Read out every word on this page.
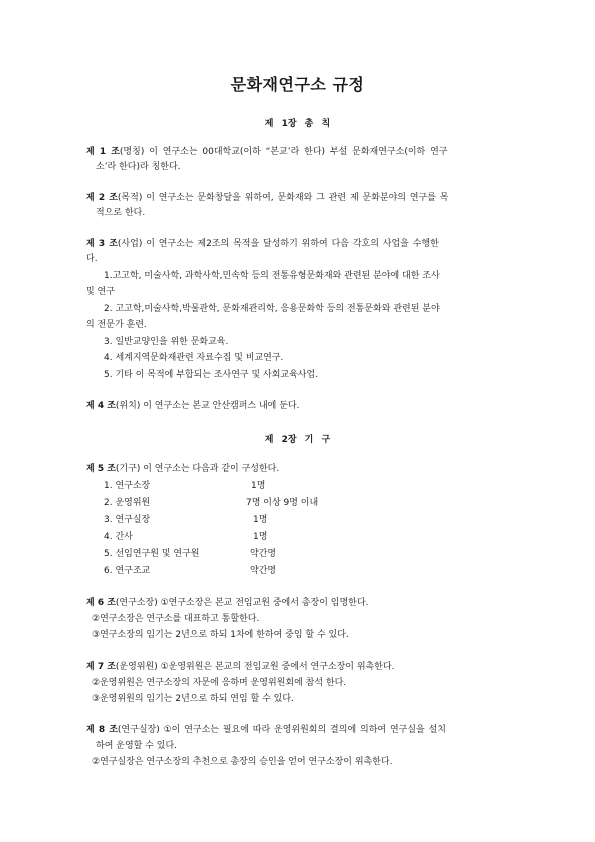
문화재연구소 규정
제 1장 총 칙
제 1 조(명칭) 이 연구소는 00대학교(이하 “본교’라 한다) 부설 문화재연구소(이하 연구
소’라 한다)라 칭한다.
제 2 조(목적) 이 연구소는 문화창달을 위하여, 문화재와 그 관련 제 문화분야의 연구를 목
적으로 한다.
제 3 조(사업) 이 연구소는 제2조의 목적을 달성하기 위하여 다음 각호의 사업을 수행한
다.
1.고고학, 미술사학, 과학사학,민속학 등의 전통유형문화재와 관련된 분야에 대한 조사
및 연구
2. 고고학,미술사학,박물관학, 문화재관리학, 응용문화학 등의 전통문화와 관련된 분야
의 전문가 훈련.
3. 일반교양인을 위한 문화교육.
4. 세계지역문화재관련 자료수집 및 비교연구.
5. 기타 이 목적에 부합되는 조사연구 및 사회교육사업.
제 4 조(위치) 이 연구소는 본교 안산캠퍼스 내에 둔다.
제 2장 기 구
제 5 조(기구) 이 연구소는 다음과 같이 구성한다.
1. 연구소장	1명
2. 운영위원	7명 이상 9명 이내
3. 연구실장	1명
4. 간사	1명
5. 선임연구원 및 연구원	약간명
6. 연구조교	약간명
제 6 조(연구소장) ①연구소장은 본교 전임교원 중에서 총장이 임명한다.
②연구소장은 연구소를 대표하고 통할한다.
③연구소장의 임기는 2년으로 하되 1차에 한하여 중임 할 수 있다.
제 7 조(운영위원) ①운영위원은 본교의 전임교원 중에서 연구소장이 위촉한다.
②운영위원은 연구소장의 자문에 응하며 운영위원회에 참석 한다.
③운영위원의 임기는 2년으로 하되 연임 할 수 있다.
제 8 조(연구실장) ①이 연구소는 필요에 따라 운영위원회의 결의에 의하여 연구실을 설치
하여 운영할 수 있다.
②연구실장은 연구소장의 추천으로 총장의 승인을 얻어 연구소장이 위촉한다.
